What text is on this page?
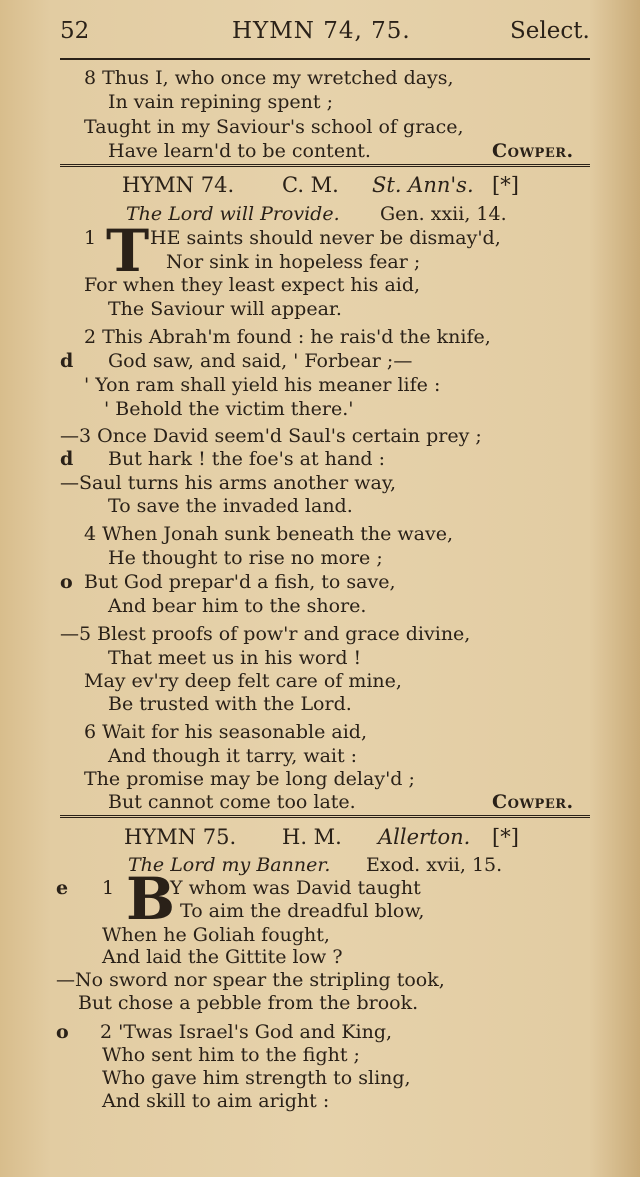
52	HYMN 74, 75.	Select.
8 Thus I, who once my wretched days,
In vain repining spent ;
Taught in my Saviour's school of grace,
Have learn'd to be content.	Cowper.
HYMN 74. C. M. St. Ann's. [*]
The Lord will Provide. Gen. xxii, 14.
1 T HE saints should never be dismay'd,
Nor sink in hopeless fear ;
For when they least expect his aid,
The Saviour will appear.
2 This Abrah'm found : he rais'd the knife,
d God saw, and said, ' Forbear ;—
' Yon ram shall yield his meaner life :
' Behold the victim there.'
—3 Once David seem'd Saul's certain prey ;
d But hark ! the foe's at hand :
—Saul turns his arms another way,
To save the invaded land.
4 When Jonah sunk beneath the wave,
He thought to rise no more ;
o But God prepar'd a fish, to save,
And bear him to the shore.
—5 Blest proofs of pow'r and grace divine,
That meet us in his word !
May ev'ry deep felt care of mine,
Be trusted with the Lord.
6 Wait for his seasonable aid,
And though it tarry, wait :
The promise may be long delay'd ;
But cannot come too late.	Cowper.
HYMN 75. H. M. Allerton. [*]
The Lord my Banner. Exod. xvii, 15.
e 1 B
Y whom was David taught
To aim the dreadful blow,
When he Goliah fought,
And laid the Gittite low ?
—No sword nor spear the stripling took,
But chose a pebble from the brook.
o 2 'Twas Israel's God and King,
Who sent him to the fight ;
Who gave him strength to sling,
And skill to aim aright :
